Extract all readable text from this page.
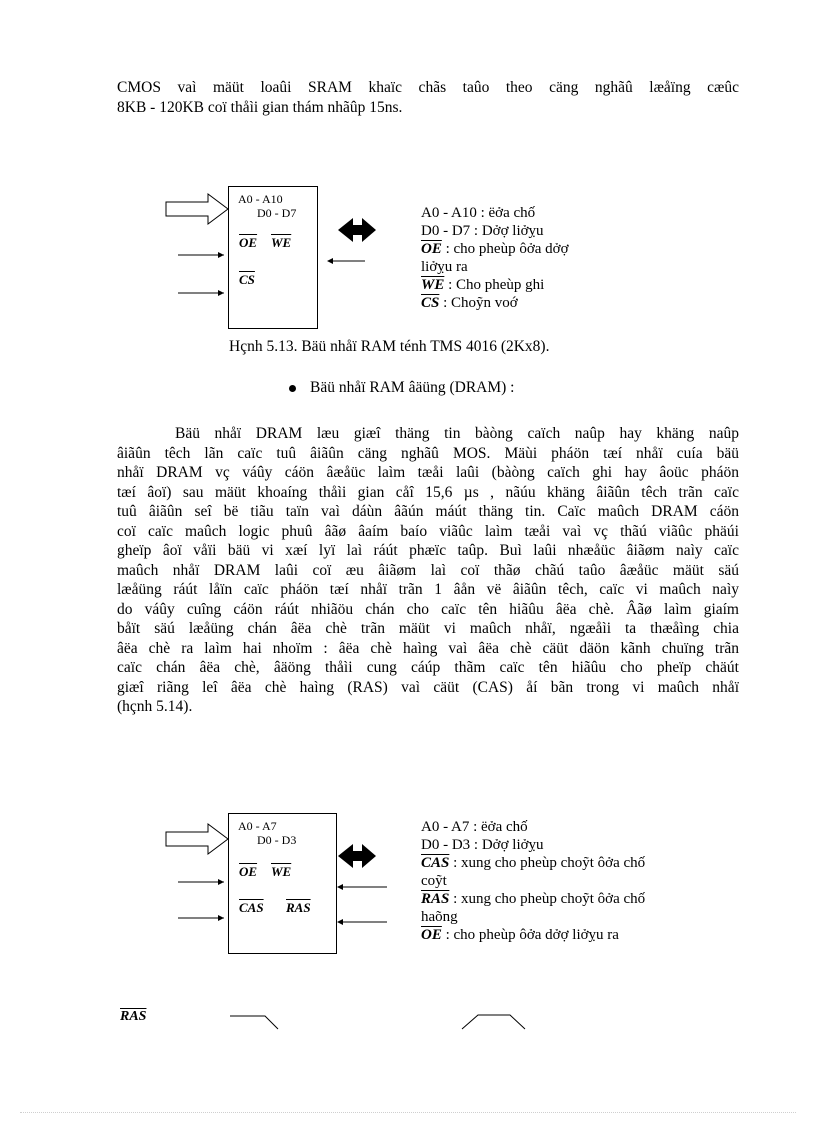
CMOS vaì mäüt loaûi SRAM khaïc chãs taûo theo cäng nghãû læåïng cæûc

8KB - 120KB coï thåìi gian thám nhãûp 15ns.

A0 - A10
D0 - D7
$\overline{OE}$ $\overline{WE}$
$\overline{CS}$
A0 - A10 : ëởa chố
D0 - D7 : Dởợ liởỵu
$\overline{OE}$ : cho pheùp ôởa dởợ
liởỵu ra
$\overline{WE}$ : Cho pheùp ghi
$\overline{CS}$ : Choỹn voớ
Hçnh 5.13. Bäü nhåï RAM ténh TMS 4016 (2Kx8).
Bäü nhåï RAM âäüng (DRAM) :

Bäü nhåï DRAM læu giæî thäng tin bàòng caïch naûp hay khäng naûp

âiãûn têch lãn caïc tuû âiãûn cäng nghãû MOS. Mäùi pháön tæí nhåï cuía bäü

nhåï DRAM vç váûy cáön âæåüc laìm tæåi laûi (bàòng caïch ghi hay âoüc pháön

tæí âoï) sau mäüt khoaíng thåìi gian cåî 15,6 µs , nãúu khäng âiãûn têch trãn caïc

tuû âiãûn seî bë tiãu taïn vaì dáùn âãún máút thäng tin. Caïc maûch DRAM cáön

coï caïc maûch logic phuû âãø âaím baío viãûc laìm tæåi vaì vç thãú viãûc phäúi

gheïp âoï våïi bäü vi xæí lyï laì ráút phæïc taûp. Buì laûi nhæåüc âiãøm naìy caïc

maûch nhåï DRAM laûi coï æu âiãøm laì coï thãø chãú taûo âæåüc mäüt säú

læåüng ráút låïn caïc pháön tæí nhåï trãn 1 âån vë âiãûn têch, caïc vi maûch naìy

do váûy cuîng cáön ráút nhiãöu chán cho caïc tên hiãûu âëa chè. Âãø laìm giaím

båït säú læåüng chán âëa chè trãn mäüt vi maûch nhåï, ngæåìi ta thæåìng chia

âëa chè ra laìm hai nhoïm : âëa chè haìng vaì âëa chè cäüt däön kãnh chuïng trãn

caïc chán âëa chè, âäöng thåìi cung cáúp thãm caïc tên hiãûu cho pheïp chäút

giæî riãng leî âëa chè haìng (RAS) vaì cäüt (CAS) åí bãn trong vi maûch nhåï

(hçnh 5.14).

A0 - A7
D0 - D3
$\overline{OE}$ $\overline{WE}$
$\overline{CAS}$ $\overline{RAS}$
A0 - A7 : ëởa chố
D0 - D3 : Dởợ liởỵu
$\overline{CAS}$ : xung cho pheùp choỹt ôởa chố
coỹt
$\overline{RAS}$ : xung cho pheùp choỹt ôởa chố
haõng
$\overline{OE}$ : cho pheùp ôởa dởợ liởỵu ra
$\overline{RAS}$
